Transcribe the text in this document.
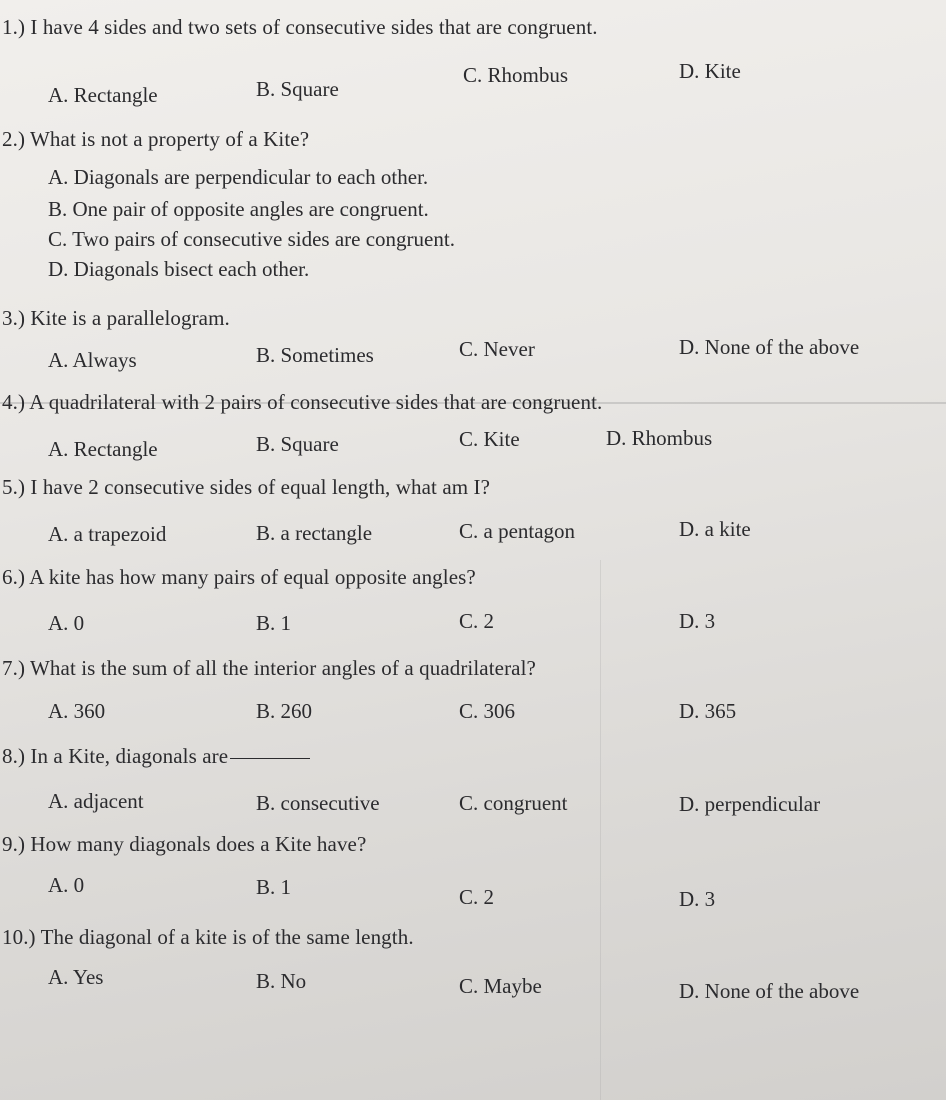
1.) I have 4 sides and two sets of consecutive sides that are congruent.
A. Rectangle	B. Square
C. Rhombus	D. Kite
2.) What is not a property of a Kite?
A. Diagonals are perpendicular to each other.
B. One pair of opposite angles are congruent.
C. Two pairs of consecutive sides are congruent.
D. Diagonals bisect each other.
3.) Kite is a parallelogram.
A. Always	B. Sometimes	C. Never	D. None of the above
4.) A quadrilateral with 2 pairs of consecutive sides that are congruent.
A. Rectangle	B. Square	C. Kite	D. Rhombus
5.) I have 2 consecutive sides of equal length, what am I?
A. a trapezoid	B. a rectangle	C. a pentagon	D. a kite
6.) A kite has how many pairs of equal opposite angles?
A. 0	B. 1	C. 2	D. 3
7.) What is the sum of all the interior angles of a quadrilateral?
A. 360	B. 260	C. 306	D. 365
8.) In a Kite, diagonals are
A. adjacent	B. consecutive	C. congruent	D. perpendicular
9.) How many diagonals does a Kite have?
A. 0	B. 1	C. 2	D. 3
10.) The diagonal of a kite is of the same length.
A. Yes	B. No	C. Maybe	D. None of the above
